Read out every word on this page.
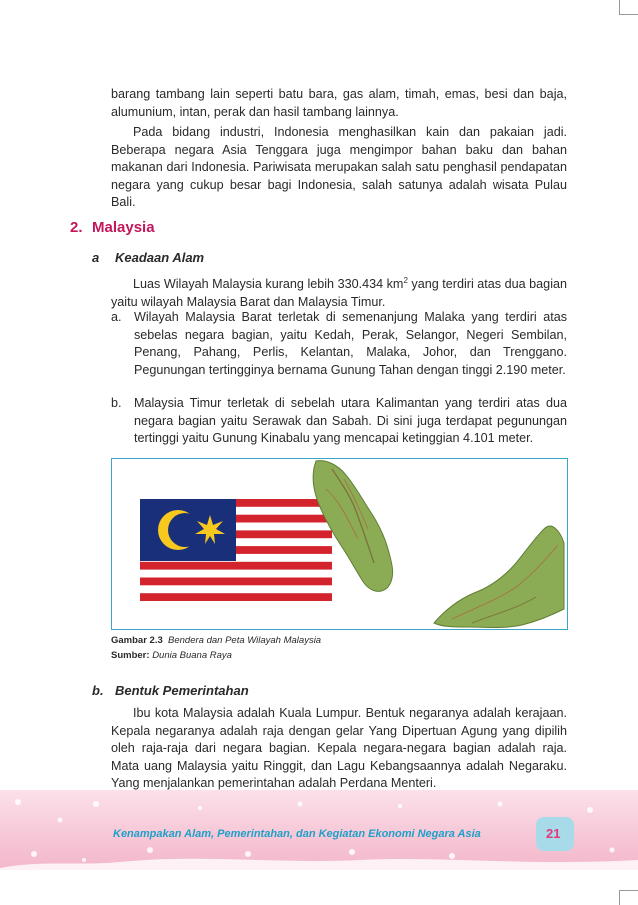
barang tambang lain seperti batu bara, gas alam, timah, emas, besi dan baja, alumunium, intan, perak dan hasil tambang lainnya.

Pada bidang industri, Indonesia menghasilkan kain dan pakaian jadi. Beberapa negara Asia Tenggara juga mengimpor bahan baku dan bahan makanan dari Indonesia. Pariwisata merupakan salah satu penghasil pendapatan negara yang cukup besar bagi Indonesia, salah satunya adalah wisata Pulau Bali.

2. Malaysia
a Keadaan Alam

Luas Wilayah Malaysia kurang lebih 330.434 $km^2$ yang terdiri atas dua bagian yaitu wilayah Malaysia Barat dan Malaysia Timur.

a. Wilayah Malaysia Barat terletak di semenanjung Malaka yang terdiri atas sebelas negara bagian, yaitu Kedah, Perak, Selangor, Negeri Sembilan, Penang, Pahang, Perlis, Kelantan, Malaka, Johor, dan Trenggano. Pegunungan tertingginya bernama Gunung Tahan dengan tinggi 2.190 meter.

b. Malaysia Timur terletak di sebelah utara Kalimantan yang terdiri atas dua negara bagian yaitu Serawak dan Sabah. Di sini juga terdapat pegunungan tertinggi yaitu Gunung Kinabalu yang mencapai ketinggian 4.101 meter.

Gambar 2.3 Bendera dan Peta Wilayah Malaysia
Sumber: Dunia Buana Raya
b. Bentuk Pemerintahan

Ibu kota Malaysia adalah Kuala Lumpur. Bentuk negaranya adalah kerajaan. Kepala negaranya adalah raja dengan gelar Yang Dipertuan Agung yang dipilih oleh raja-raja dari negara bagian. Kepala negara-negara bagian adalah raja. Mata uang Malaysia yaitu Ringgit, dan Lagu Kebangsaannya adalah Negaraku. Yang menjalankan pemerintahan adalah Perdana Menteri.

Kenampakan Alam, Pemerintahan, dan Kegiatan Ekonomi Negara Asia	21
